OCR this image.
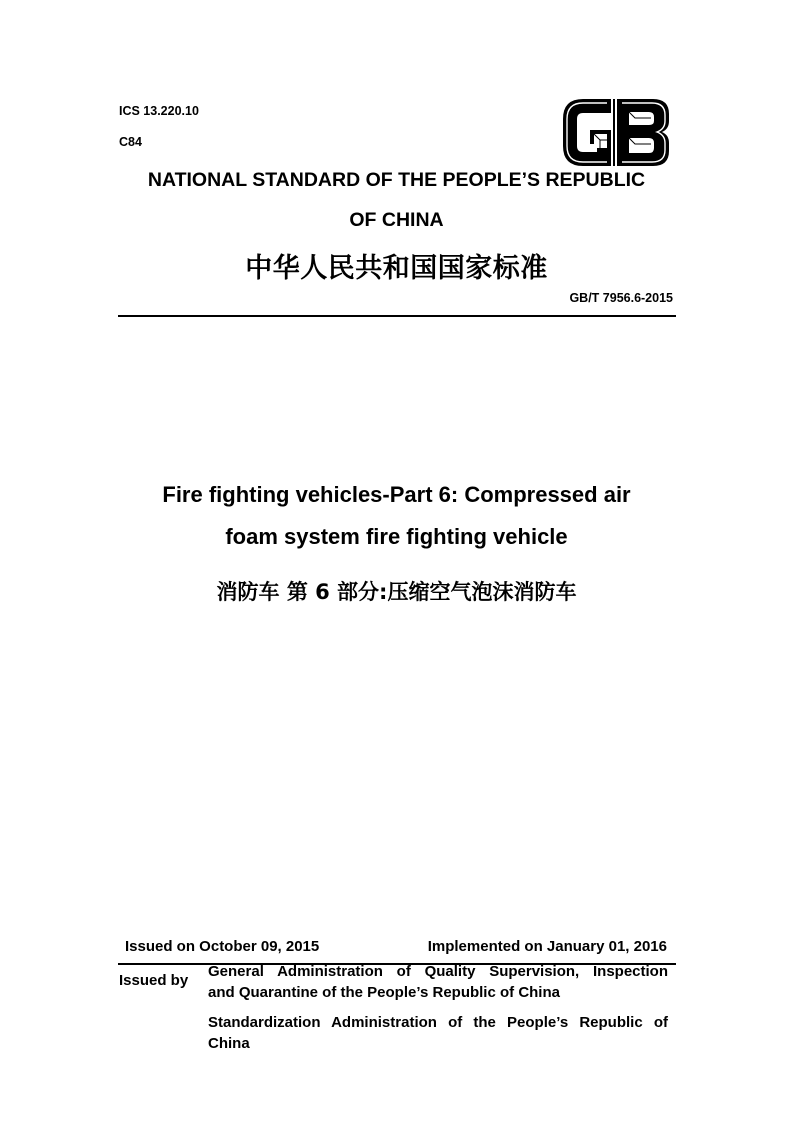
ICS 13.220.10
C84
NATIONAL STANDARD OF THE PEOPLE’S REPUBLIC
OF CHINA
中华人民共和国国家标准
GB/T 7956.6-2015
Fire fighting vehicles-Part 6: Compressed air
foam system fire fighting vehicle
消防车 第 6 部分:压缩空气泡沫消防车
Issued on October 09, 2015	Implemented on January 01, 2016
Issued by
General Administration of Quality Supervision, Inspection
and Quarantine of the People’s Republic of China
Standardization Administration of the People’s Republic of
China
